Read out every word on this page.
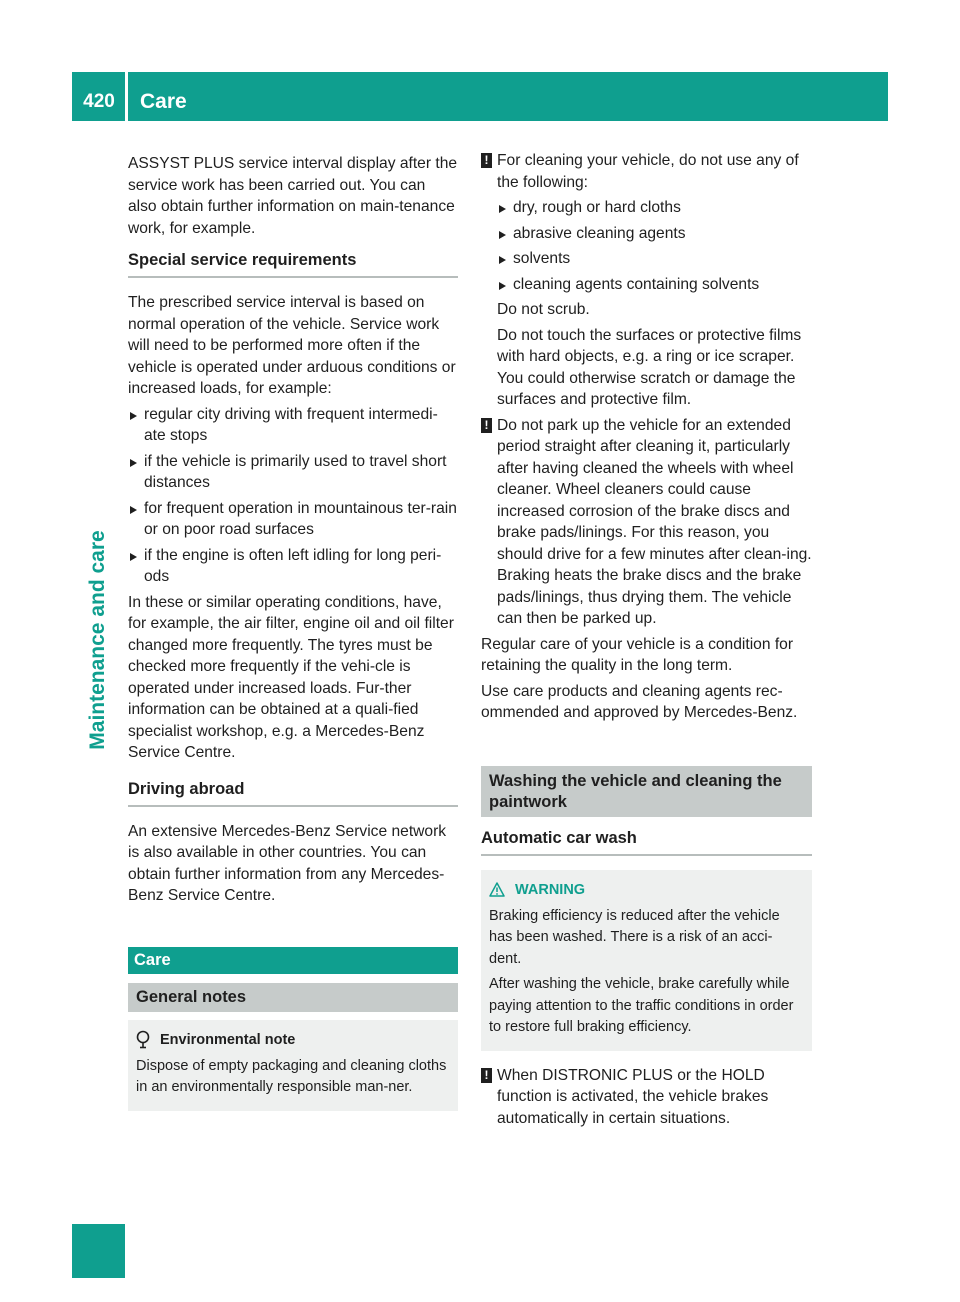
420	Care
Maintenance and care

ASSYST PLUS service interval display after the service work has been carried out. You can also obtain further information on main-tenance work, for example.

Special service requirements

The prescribed service interval is based on normal operation of the vehicle. Service work will need to be performed more often if the vehicle is operated under arduous conditions or increased loads, for example:

regular city driving with frequent intermedi-ate stops
if the vehicle is primarily used to travel short distances
for frequent operation in mountainous ter-rain or on poor road surfaces
if the engine is often left idling for long peri-ods

In these or similar operating conditions, have, for example, the air filter, engine oil and oil filter changed more frequently. The tyres must be checked more frequently if the vehi-cle is operated under increased loads. Fur-ther information can be obtained at a quali-fied specialist workshop, e.g. a Mercedes-Benz Service Centre.

Driving abroad

An extensive Mercedes-Benz Service network is also available in other countries. You can obtain further information from any Mercedes-Benz Service Centre.

Care
General notes
Environmental note

Dispose of empty packaging and cleaning cloths in an environmentally responsible man-ner.

! For cleaning your vehicle, do not use any of the following:

dry, rough or hard cloths
abrasive cleaning agents
solvents
cleaning agents containing solvents

Do not scrub.

Do not touch the surfaces or protective films with hard objects, e.g. a ring or ice scraper. You could otherwise scratch or damage the surfaces and protective film.

! Do not park up the vehicle for an extended period straight after cleaning it, particularly after having cleaned the wheels with wheel cleaner. Wheel cleaners could cause increased corrosion of the brake discs and brake pads/linings. For this reason, you should drive for a few minutes after clean-ing. Braking heats the brake discs and the brake pads/linings, thus drying them. The vehicle can then be parked up.

Regular care of your vehicle is a condition for retaining the quality in the long term.

Use care products and cleaning agents rec-ommended and approved by Mercedes-Benz.

Washing the vehicle and cleaning the paintwork
Automatic car wash
WARNING

Braking efficiency is reduced after the vehicle has been washed. There is a risk of an acci-dent.

After washing the vehicle, brake carefully while paying attention to the traffic conditions in order to restore full braking efficiency.

! When DISTRONIC PLUS or the HOLD function is activated, the vehicle brakes automatically in certain situations.
